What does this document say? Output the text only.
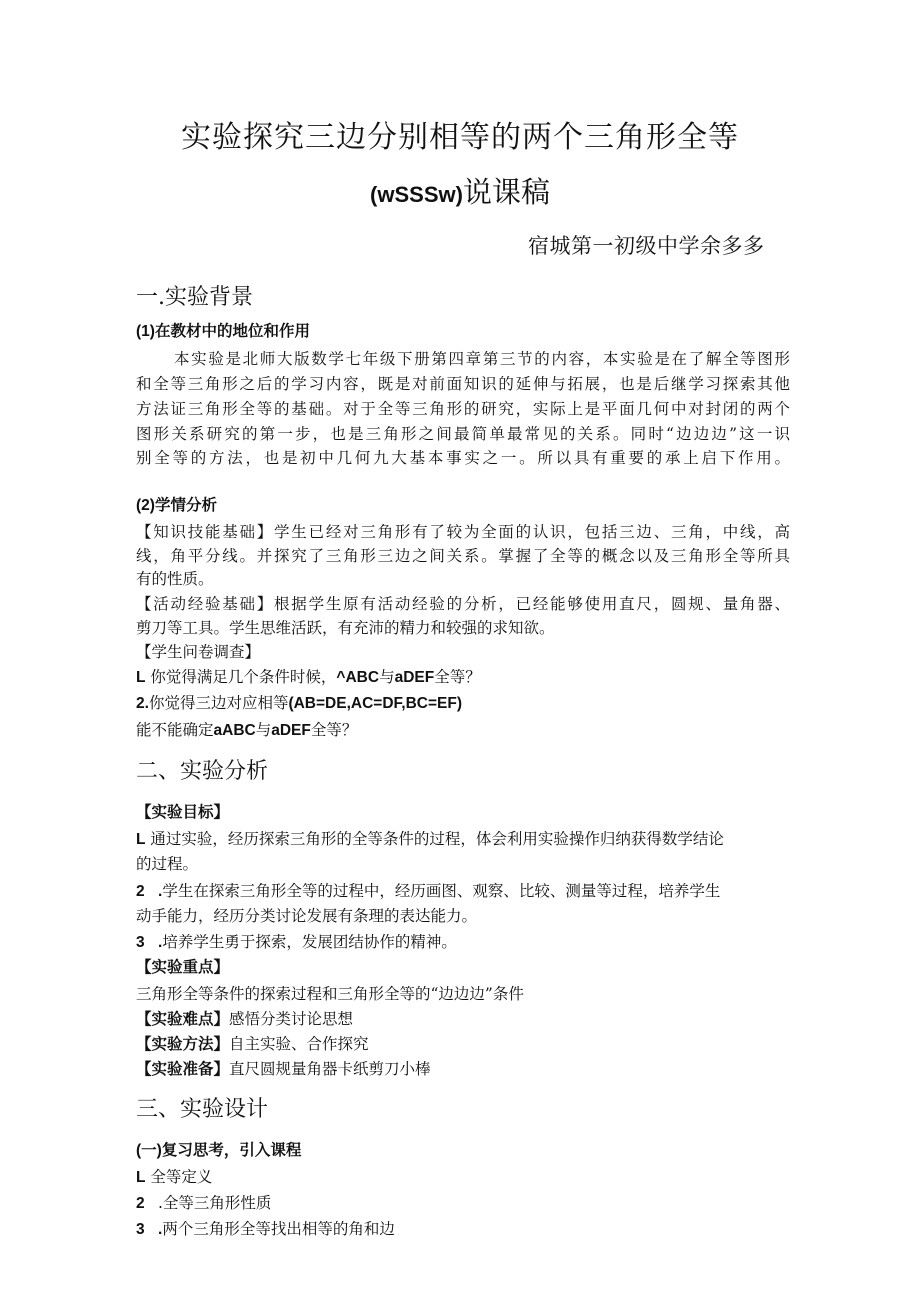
实验探究三边分别相等的两个三角形全等
(wSSSw)说课稿
宿城第一初级中学余多多
一.实验背景
(1)在教材中的地位和作用
本实验是北师大版数学七年级下册第四章第三节的内容，本实验是在了解全等图形
和全等三角形之后的学习内容，既是对前面知识的延伸与拓展，也是后继学习探索其他
方法证三角形全等的基础。对于全等三角形的研究，实际上是平面几何中对封闭的两个
图形关系研究的第一步，也是三角形之间最简单最常见的关系。同时“边边边”这一识
别全等的方法，也是初中几何九大基本事实之一。所以具有重要的承上启下作用。
(2)学情分析
【知识技能基础】学生已经对三角形有了较为全面的认识，包括三边、三角，中线，高
线，角平分线。并探究了三角形三边之间关系。掌握了全等的概念以及三角形全等所具
有的性质。
【活动经验基础】根据学生原有活动经验的分析，已经能够使用直尺，圆规、量角器、
剪刀等工具。学生思维活跃，有充沛的精力和较强的求知欲。
【学生问卷调查】
L 你觉得满足几个条件时候，^ABC与aDEF全等？
2.你觉得三边对应相等(AB=DE,AC=DF,BC=EF)
能不能确定aABC与aDEF全等？
二、实验分析
【实验目标】
L 通过实验，经历探索三角形的全等条件的过程，体会利用实验操作归纳获得数学结论
的过程。
2 .学生在探索三角形全等的过程中，经历画图、观察、比较、测量等过程，培养学生
动手能力，经历分类讨论发展有条理的表达能力。
3 .培养学生勇于探索，发展团结协作的精神。
【实验重点】
三角形全等条件的探索过程和三角形全等的“边边边”条件
【实验难点】感悟分类讨论思想
【实验方法】自主实验、合作探究
【实验准备】直尺圆规量角器卡纸剪刀小棒
三、实验设计
(一)复习思考，引入课程
L 全等定义
2 .全等三角形性质
3 .两个三角形全等找出相等的角和边
